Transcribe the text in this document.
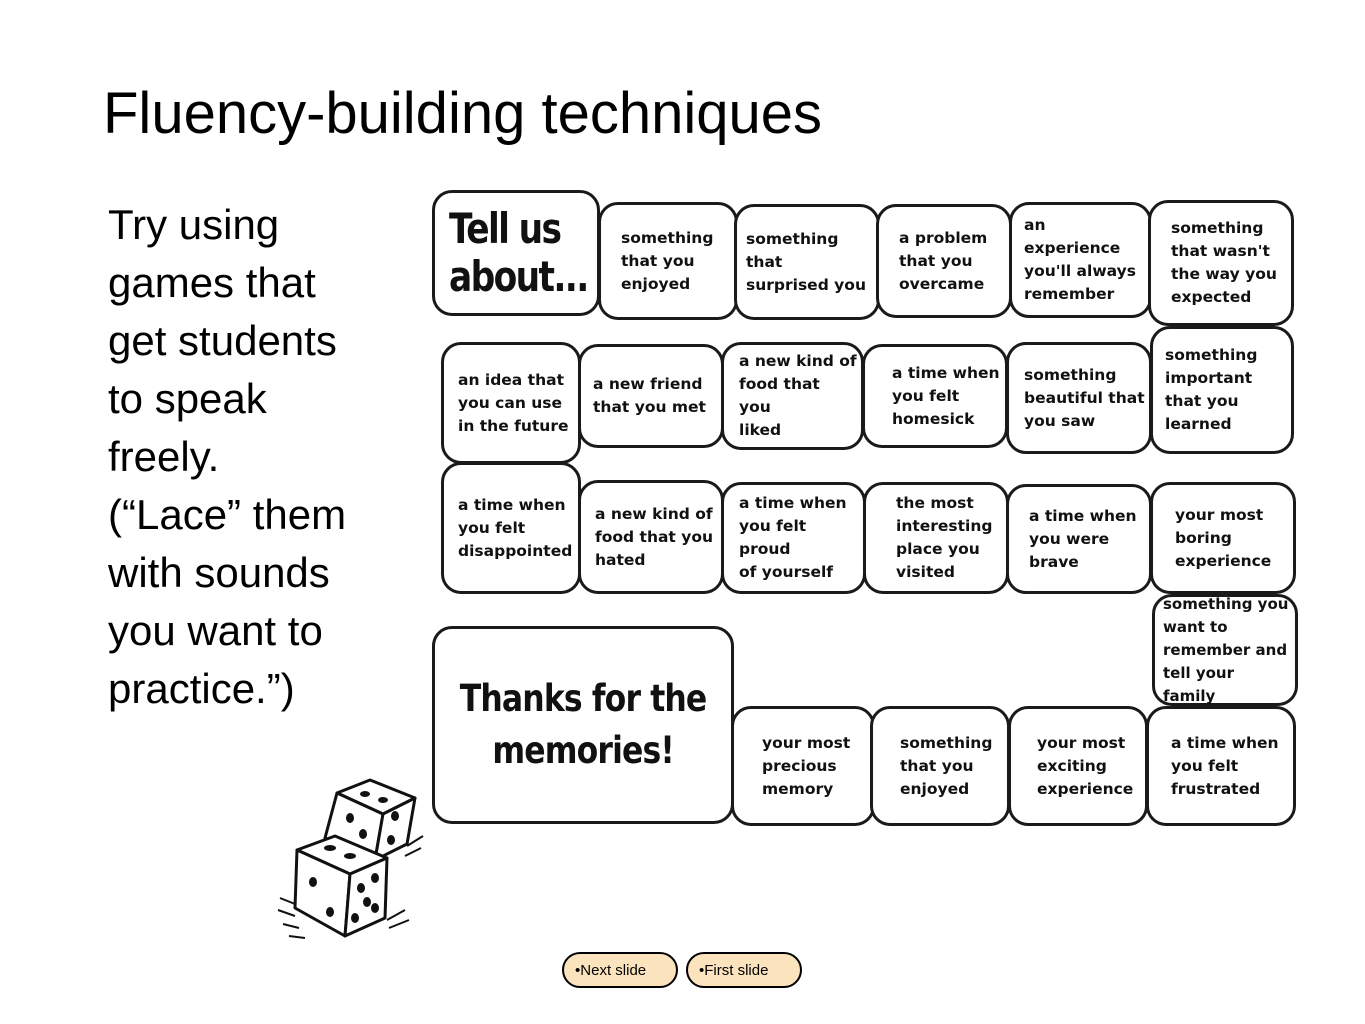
Fluency-building techniques
Try using
games that
get students
to speak
freely.
(“Lace” them
with sounds
you want to
practice.”)
Tell us
about...
something
that you
enjoyed
something that
surprised you
a problem
that you
overcame
an experience
you'll always
remember
something
that wasn't
the way you
expected
an idea that
you can use
in the future
a new friend
that you met
a new kind of
food that you
liked
a time when
you felt
homesick
something
beautiful that
you saw
something
important
that you
learned
a time when
you felt
disappointed
a new kind of
food that you
hated
a time when
you felt proud
of yourself
the most
interesting
place you
visited
a time when
you were
brave
your most
boring
experience
something you
want to
remember and
tell your family
Thanks for the
memories!	your most
precious
memory
something
that you
enjoyed
your most
exciting
experience
a time when
you felt
frustrated
• Next slide	• First slide
